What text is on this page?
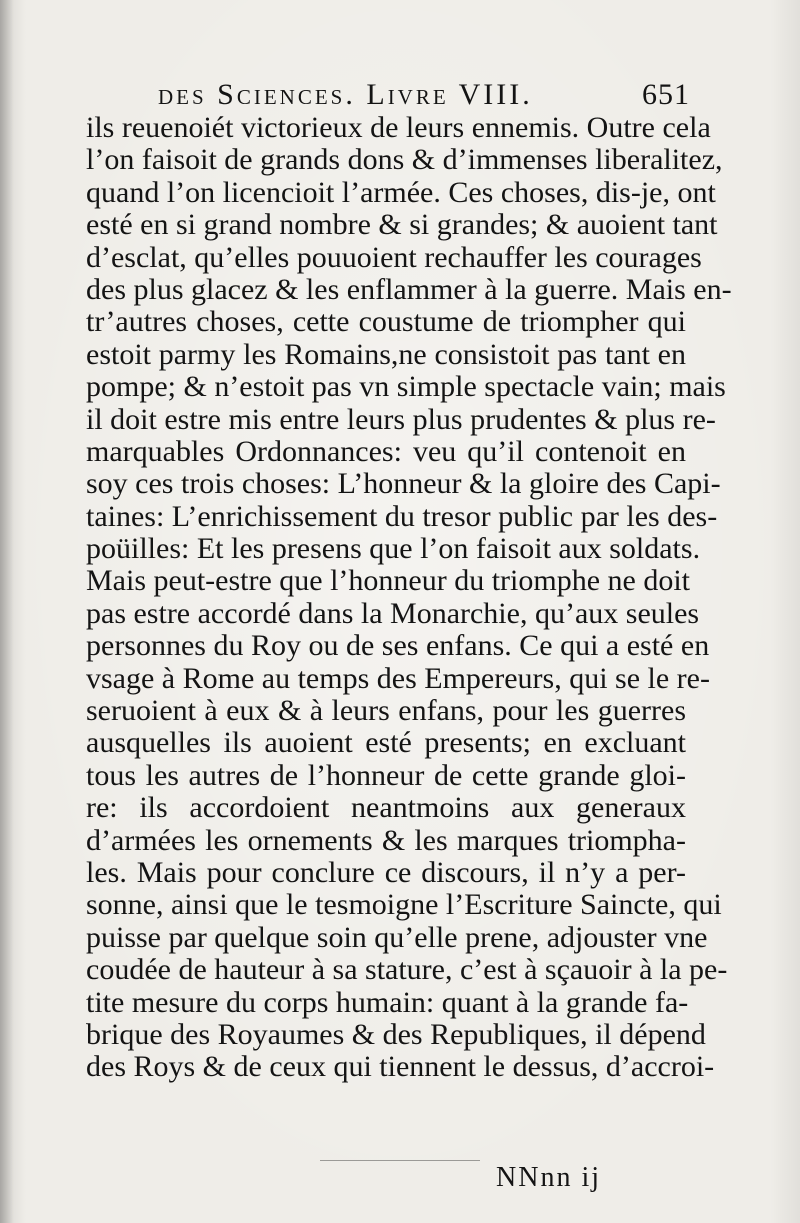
des Sciences. Livre VIII.	651
ils reuenoiét victorieux de leurs ennemis. Outre cela
l’on faisoit de grands dons & d’immenses liberalitez,
quand l’on licencioit l’armée. Ces choses, dis-je, ont
esté en si grand nombre & si grandes; & auoient tant
d’esclat, qu’elles pouuoient rechauffer les courages
des plus glacez & les enflammer à la guerre. Mais en-
tr’autres choses, cette coustume de triompher qui
estoit parmy les Romains,ne consistoit pas tant en
pompe; & n’estoit pas vn simple spectacle vain; mais
il doit estre mis entre leurs plus prudentes & plus re-
marquables Ordonnances: veu qu’il contenoit en
soy ces trois choses: L’honneur & la gloire des Capi-
taines: L’enrichissement du tresor public par les des-
poüilles: Et les presens que l’on faisoit aux soldats.
Mais peut-estre que l’honneur du triomphe ne doit
pas estre accordé dans la Monarchie, qu’aux seules
personnes du Roy ou de ses enfans. Ce qui a esté en
vsage à Rome au temps des Empereurs, qui se le re-
seruoient à eux & à leurs enfans, pour les guerres
ausquelles ils auoient esté presents; en excluant
tous les autres de l’honneur de cette grande gloi-
re: ils accordoient neantmoins aux generaux
d’armées les ornements & les marques triompha-
les. Mais pour conclure ce discours, il n’y a per-
sonne, ainsi que le tesmoigne l’Escriture Saincte, qui
puisse par quelque soin qu’elle prene, adjouster vne
coudée de hauteur à sa stature, c’est à sçauoir à la pe-
tite mesure du corps humain: quant à la grande fa-
brique des Royaumes & des Republiques, il dépend
des Roys & de ceux qui tiennent le dessus, d’accroi-
NNnn ij
